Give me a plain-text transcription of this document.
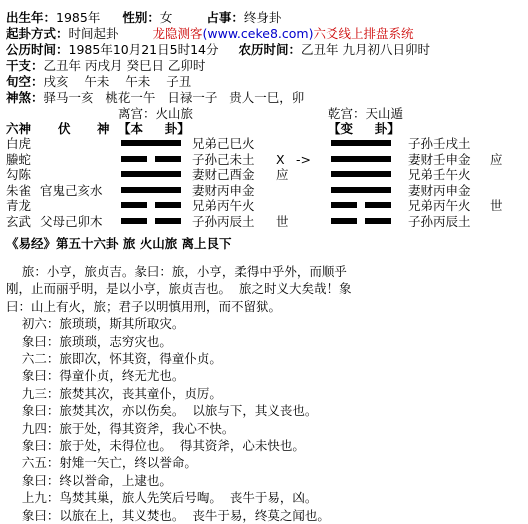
出生年：1985年 性别：女	占事：终身卦
起卦方式：时间起卦	龙隐测客(www.ceke8.com)六爻线上排盘系统
公历时间：1985年10月21日5时14分 农历时间：乙丑年 九月初八日卯时
干支：乙丑年 丙戌月 癸巳日 乙卯时
旬空：戌亥    午未    午未    子丑
神煞：驿马一亥   桃花一午   日禄一子   贵人一巳，卯
离宫：火山旅	乾宫：天山遁
六神 伏 神 【本     卦】	【变     卦】
白虎	兄弟己巳火	子孙壬戌土
螣蛇	子孙己未土 X ->	妻财壬申金 应
勾陈	妻财己酉金 应	兄弟壬午火
朱雀 官鬼己亥水	妻财丙申金	妻财丙申金
青龙	兄弟丙午火	兄弟丙午火 世
玄武 父母己卯木	子孙丙辰土 世	子孙丙辰土
《易经》第五十六卦 旅 火山旅 离上艮下
旅：小亨，旅贞吉。彖曰：旅，小亨，柔得中乎外，而顺乎
刚，止而丽乎明，是以小亨，旅贞吉也。  旅之时义大矣哉！象
曰：山上有火，旅；君子以明慎用刑，而不留狱。
初六：旅琐琐，斯其所取灾。
象曰：旅琐琐，志穷灾也。
六二：旅即次，怀其资，得童仆贞。
象曰：得童仆贞，终无尤也。
九三：旅焚其次，丧其童仆，贞厉。
象曰：旅焚其次，亦以伤矣。  以旅与下，其义丧也。
九四：旅于处，得其资斧，我心不快。
象曰：旅于处，未得位也。  得其资斧，心未快也。
六五：射雉一矢亡，终以誉命。
象曰：终以誉命，上逮也。
上九：鸟焚其巢，旅人先笑后号啕。  丧牛于易，凶。
象曰：以旅在上，其义焚也。  丧牛于易，终莫之闻也。
